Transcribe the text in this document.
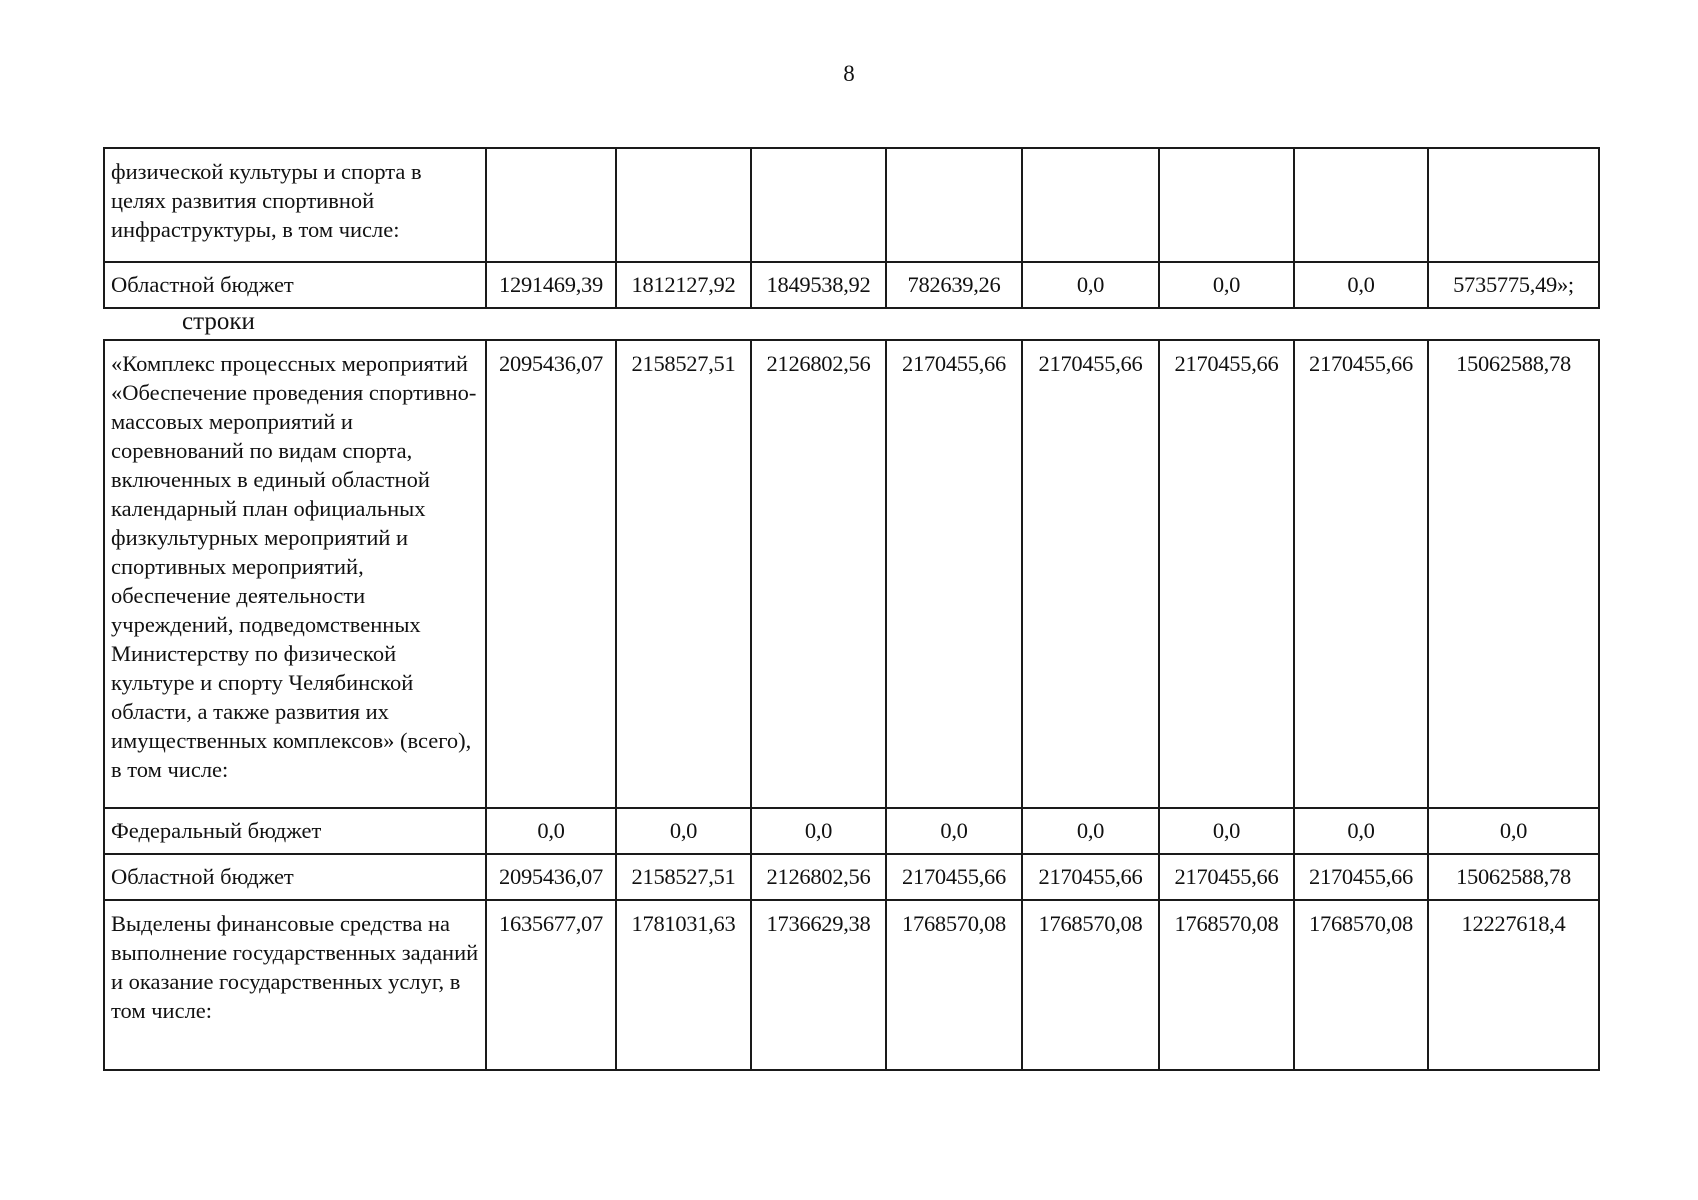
8
физической культуры и спорта в целях развития спортивной инфраструктуры, в том числе:								
Областной бюджет	1291469,39	1812127,92	1849538,92	782639,26	0,0	0,0	0,0	5735775,49»;
строки
«Комплекс процессных мероприятий «Обеспечение проведения спортивно-массовых мероприятий и соревнований по видам спорта, включенных в единый областной календарный план официальных физкультурных мероприятий и спортивных мероприятий, обеспечение деятельности учреждений, подведомственных Министерству по физической культуре и спорту Челябинской области, а также развития их имущественных комплексов» (всего), в том числе:	2095436,07	2158527,51	2126802,56	2170455,66	2170455,66	2170455,66	2170455,66	15062588,78
Федеральный бюджет	0,0	0,0	0,0	0,0	0,0	0,0	0,0	0,0
Областной бюджет	2095436,07	2158527,51	2126802,56	2170455,66	2170455,66	2170455,66	2170455,66	15062588,78
Выделены финансовые средства на выполнение государственных заданий и оказание государственных услуг, в том числе:	1635677,07	1781031,63	1736629,38	1768570,08	1768570,08	1768570,08	1768570,08	12227618,4
